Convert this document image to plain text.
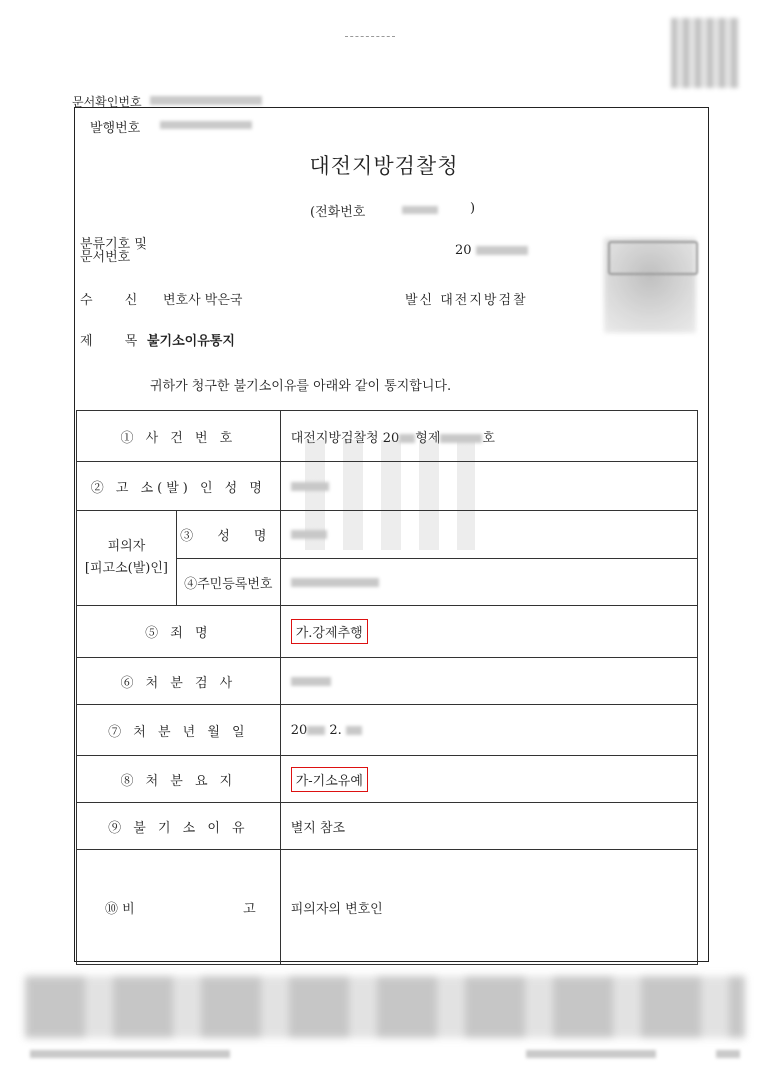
문서확인번호
발행번호
대전지방검찰청
(전화번호	)
분류기호 및
문서번호	20
수 신 변호사 박은국	발신 대전지방검찰
제 목
불기소이유통지
귀하가 청구한 불기소이유를 아래와 같이 통지합니다.
① 사 건 번 호		대전지방검찰청 20 형제 호
② 고 소(발) 인 성 명		

피의자
[피고소(발)인]	③ 성 명	
	④주민등록번호	
⑤ 죄 명		가.강제추행
⑥ 처 분 검 사		
⑦ 처 분 년 월 일		20 2.
⑧ 처 분 요 지		가-기소유예
⑨ 불 기 소 이 유		별지 참조

⑩ 비 고		피의자의 변호인
